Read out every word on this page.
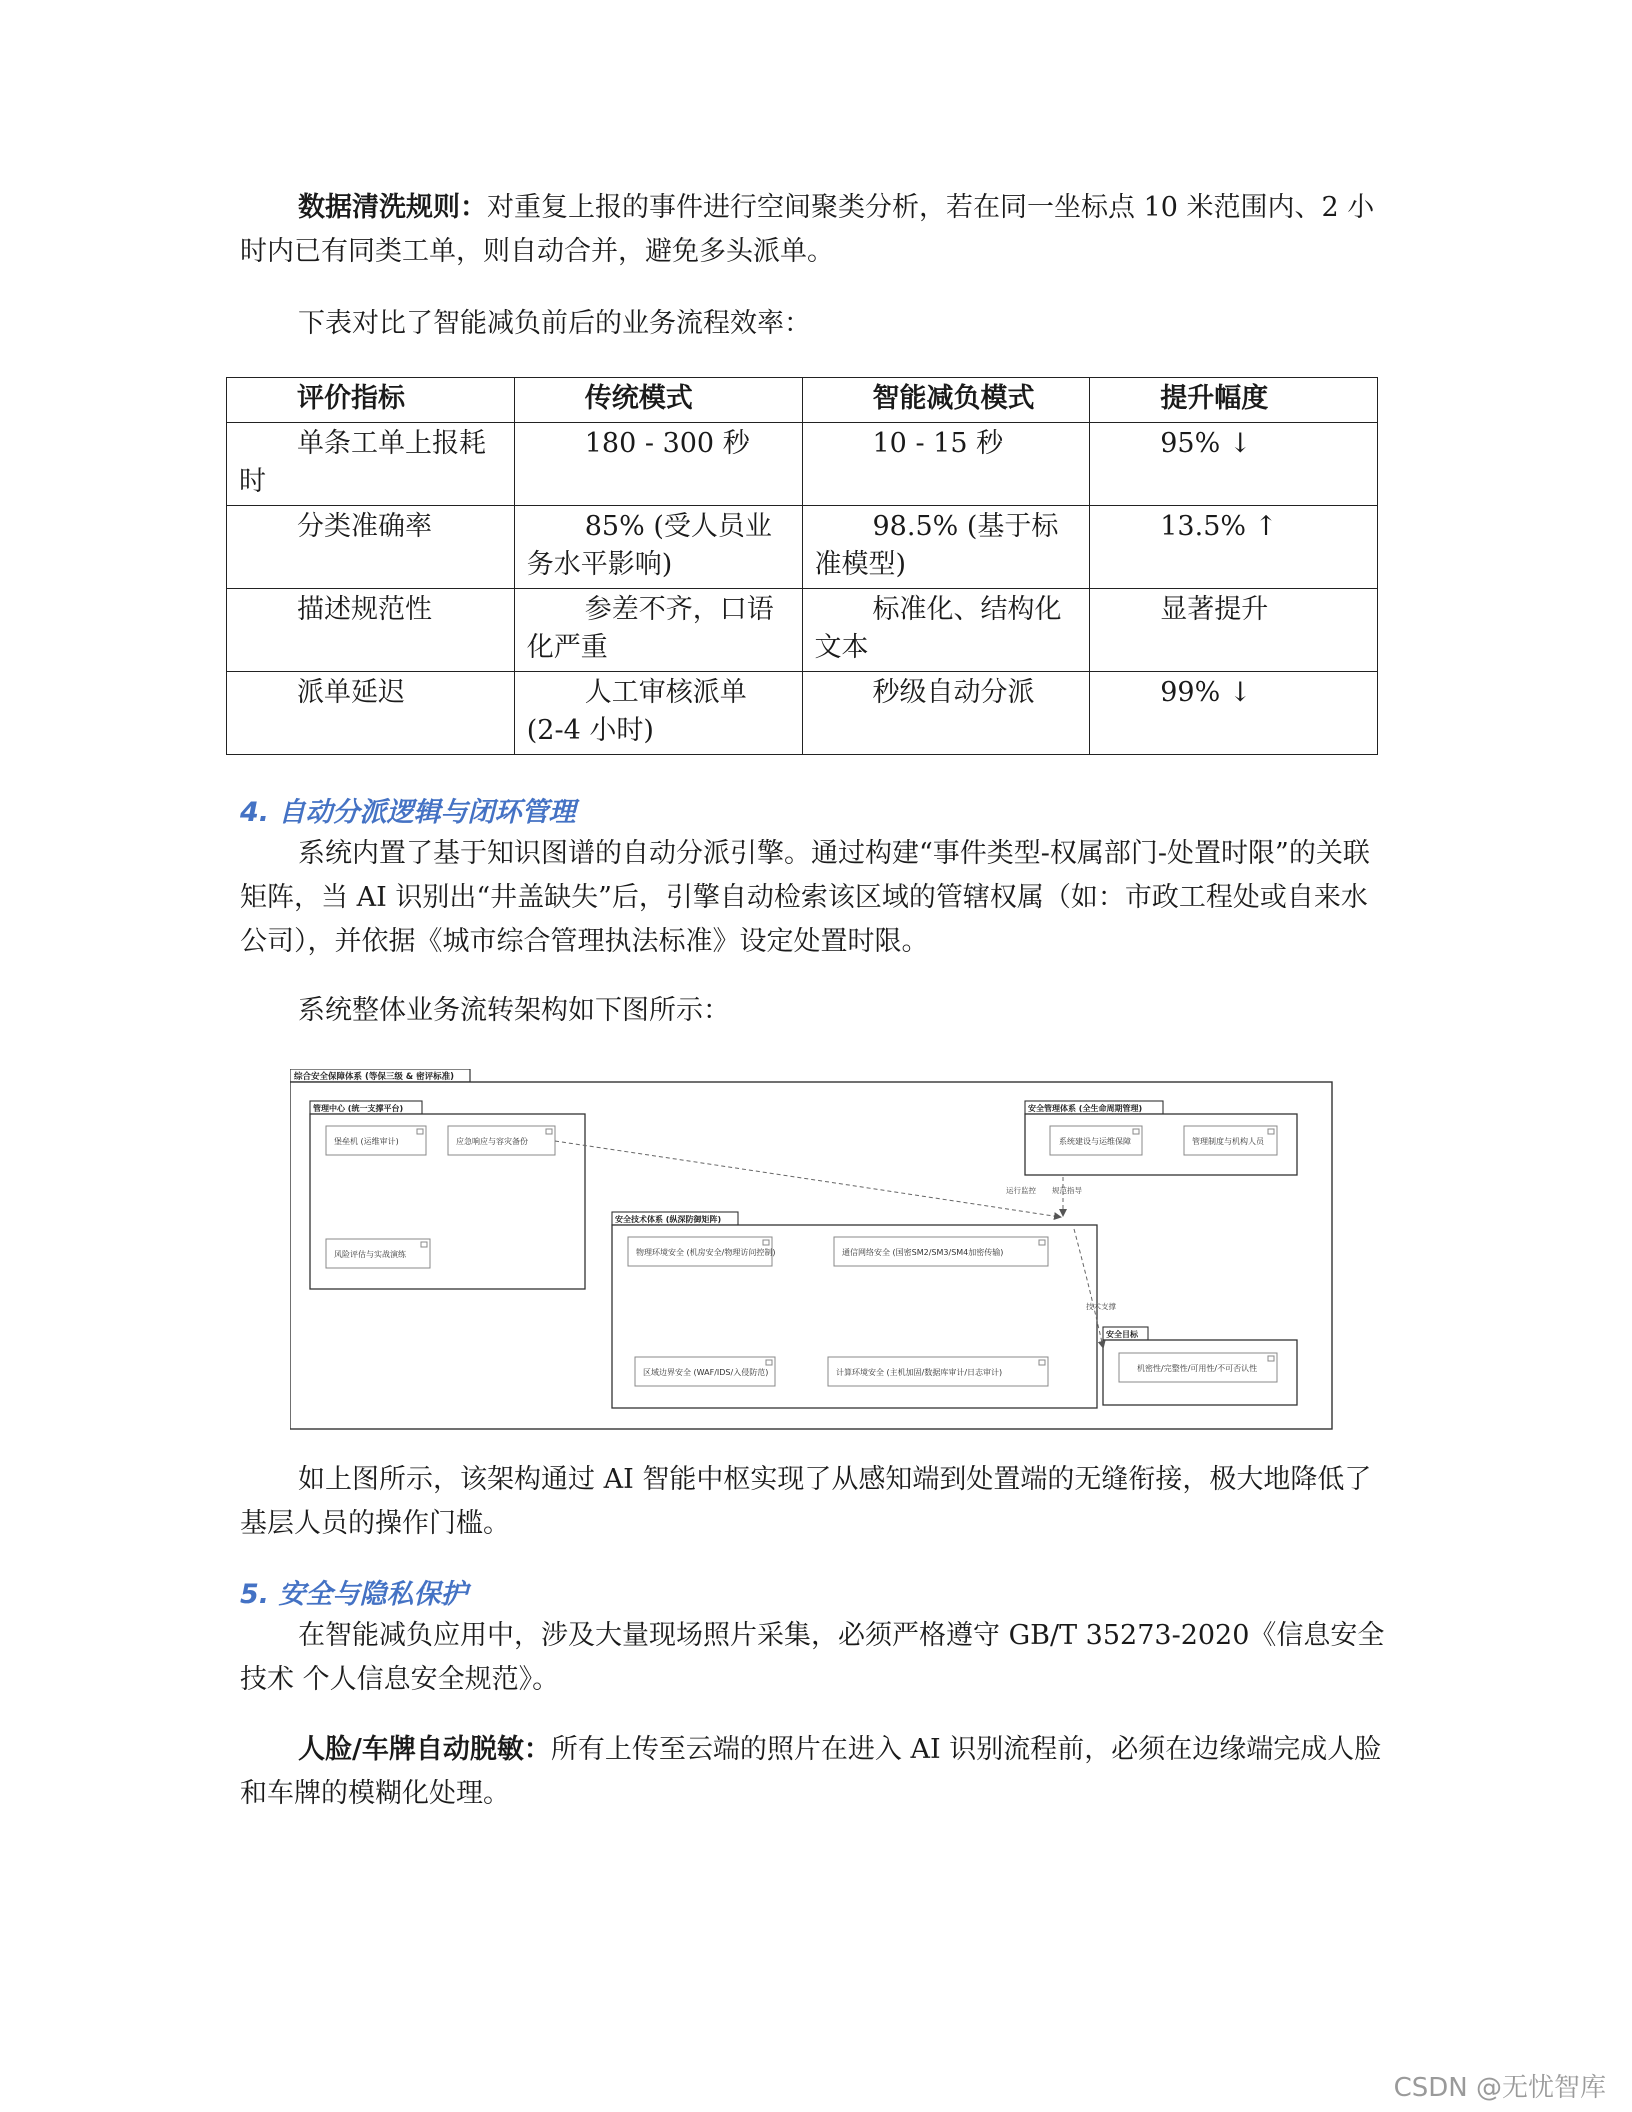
数据清洗规则：对重复上报的事件进行空间聚类分析，若在同一坐标点 10 米范围内、2 小时内已有同类工单，则自动合并，避免多头派单。

下表对比了智能减负前后的业务流程效率：

评价指标	传统模式	智能减负模式	提升幅度
单条工单上报耗时	180 - 300 秒	10 - 15 秒	95% ↓
分类准确率	85% (受人员业务水平影响)	98.5% (基于标准模型)	13.5% ↑
描述规范性	参差不齐，口语化严重	标准化、结构化文本	显著提升
派单延迟	人工审核派单 (2-4 小时)	秒级自动分派	99% ↓
4. 自动分派逻辑与闭环管理

系统内置了基于知识图谱的自动分派引擎。通过构建“事件类型-权属部门-处置时限”的关联矩阵，当 AI 识别出“井盖缺失”后，引擎自动检索该区域的管辖权属（如：市政工程处或自来水公司），并依据《城市综合管理执法标准》设定处置时限。

系统整体业务流转架构如下图所示：

综合安全保障体系 (等保三级 & 密评标准)
管理中心 (统一支撑平台)
堡垒机 (运维审计)	应急响应与容灾备份
风险评估与实战演练
安全管理体系 (全生命周期管理)
系统建设与运维保障	管理制度与机构人员
安全技术体系 (纵深防御矩阵)
物理环境安全 (机房安全/物理访问控制)	通信网络安全 (国密SM2/SM3/SM4加密传输)
区域边界安全 (WAF/IDS/入侵防范)	计算环境安全 (主机加固/数据库审计/日志审计)
安全目标
机密性/完整性/可用性/不可否认性
运行监控 规范指导
技术支撑

如上图所示，该架构通过 AI 智能中枢实现了从感知端到处置端的无缝衔接，极大地降低了基层人员的操作门槛。

5. 安全与隐私保护

在智能减负应用中，涉及大量现场照片采集，必须严格遵守 GB/T 35273-2020《信息安全技术 个人信息安全规范》。

人脸/车牌自动脱敏：所有上传至云端的照片在进入 AI 识别流程前，必须在边缘端完成人脸和车牌的模糊化处理。

CSDN @无忧智库
